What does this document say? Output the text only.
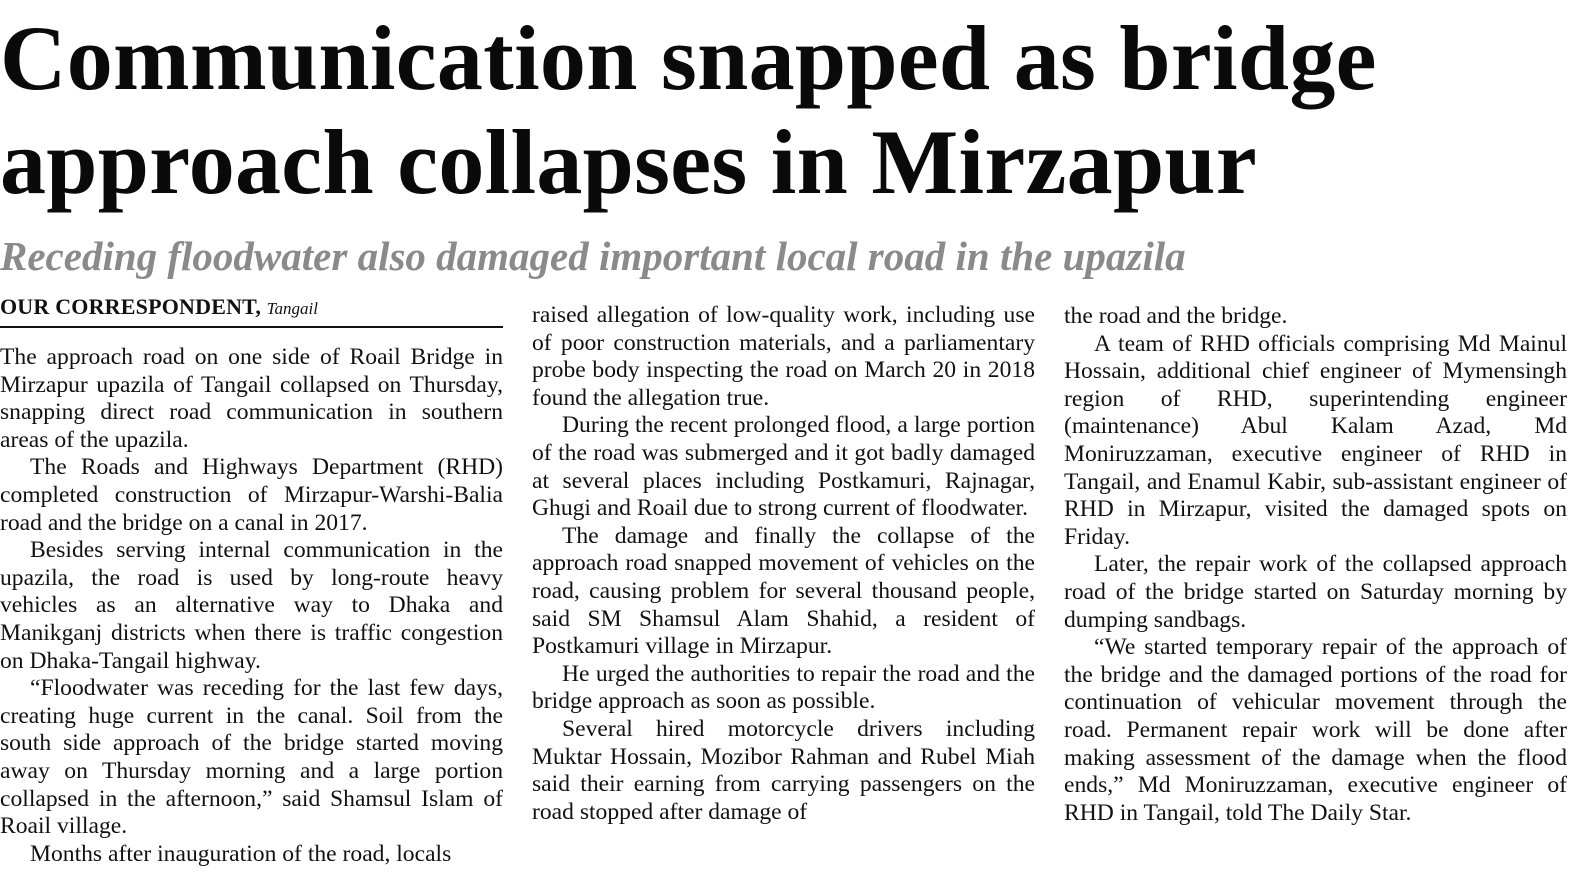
Communication snapped as bridge
approach collapses in Mirzapur
Receding floodwater also damaged important local road in the upazila
OUR CORRESPONDENT, Tangail

The approach road on one side of Roail Bridge in Mirzapur upazila of Tangail collapsed on Thursday, snapping direct road communication in southern areas of the upazila.

The Roads and Highways Department (RHD) completed construction of Mirzapur-Warshi-Balia road and the bridge on a canal in 2017.

Besides serving internal communication in the upazila, the road is used by long-route heavy vehicles as an alternative way to Dhaka and Manikganj districts when there is traffic congestion on Dhaka-Tangail highway.

“Floodwater was receding for the last few days, creating huge current in the canal. Soil from the south side approach of the bridge started moving away on Thursday morning and a large portion collapsed in the afternoon,” said Shamsul Islam of Roail village.

Months after inauguration of the road, locals

raised allegation of low-quality work, including use of poor construction materials, and a parliamentary probe body inspecting the road on March 20 in 2018 found the allegation true.

During the recent prolonged flood, a large portion of the road was submerged and it got badly damaged at several places including Postkamuri, Rajnagar, Ghugi and Roail due to strong current of floodwater.

The damage and finally the collapse of the approach road snapped movement of vehicles on the road, causing problem for several thousand people, said SM Shamsul Alam Shahid, a resident of Postkamuri village in Mirzapur.

He urged the authorities to repair the road and the bridge approach as soon as possible.

Several hired motorcycle drivers including Muktar Hossain, Mozibor Rahman and Rubel Miah said their earning from carrying passengers on the road stopped after damage of

the road and the bridge.

A team of RHD officials comprising Md Mainul Hossain, additional chief engineer of Mymensingh region of RHD, superintending engineer (maintenance) Abul Kalam Azad, Md Moniruzzaman, executive engineer of RHD in Tangail, and Enamul Kabir, sub-assistant engineer of RHD in Mirzapur, visited the damaged spots on Friday.

Later, the repair work of the collapsed approach road of the bridge started on Saturday morning by dumping sandbags.

“We started temporary repair of the approach of the bridge and the damaged portions of the road for continuation of vehicular movement through the road. Permanent repair work will be done after making assessment of the damage when the flood ends,” Md Moniruzzaman, executive engineer of RHD in Tangail, told The Daily Star.
